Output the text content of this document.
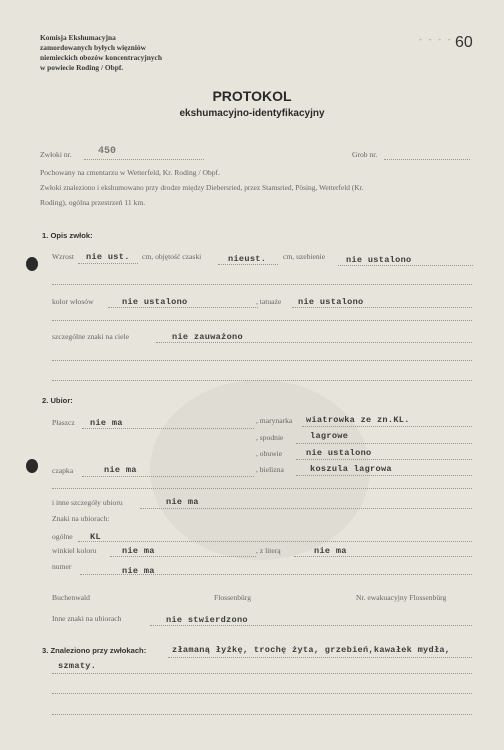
- - - - 60
Komisja Ekshumacyjna
zamordowanych byłych więzniów
niemieckich obozów koncentracyjnych
w powiecie Roding / Obpf.
PROTOKOL
ekshumacyjno-identyfikacyjny
Zwłoki nr.	450	Grob nr.
Pochowany na cmentarzu w Wetterfeld, Kr. Roding / Obpf.
Zwłoki znaleziono i ekshumowano przy drodze między Diebersried, przez Stamsried, Pösing, Wetterfeld (Kr.
Roding), ogólna przestrzeń 11 km.
1. Opis zwłok:
Wzrost nie ust. cm, objętość czaski	nieust. cm, uzebienie nie ustalono
kolor włosów	nie ustalono	, tatuaże nie ustalono
szczególne znaki na ciele	nie zauważono
2. Ubior:
Płaszcz nie ma	, marynarka wiatrowka ze zn.KL.
, spodnie	lagrowe
, obuwie	nie ustalono
czapka	nie ma	, bielizna	koszula lagrowa
i inne szczegóły ubioru	nie ma
Znaki na ubiorach:
ogólne KL
winkiel koloru	nie ma	, z literą	nie ma
numer	nie ma
Buchenwald	Flossenbürg	Nr. ewakuacyjny Flossenbürg
Inne znaki na ubiorach	nie stwierdzono
3. Znaleziono przy zwłokach:	złamaną łyżkę, trochę żyta, grzebień,kawałek mydła,
szmaty.
